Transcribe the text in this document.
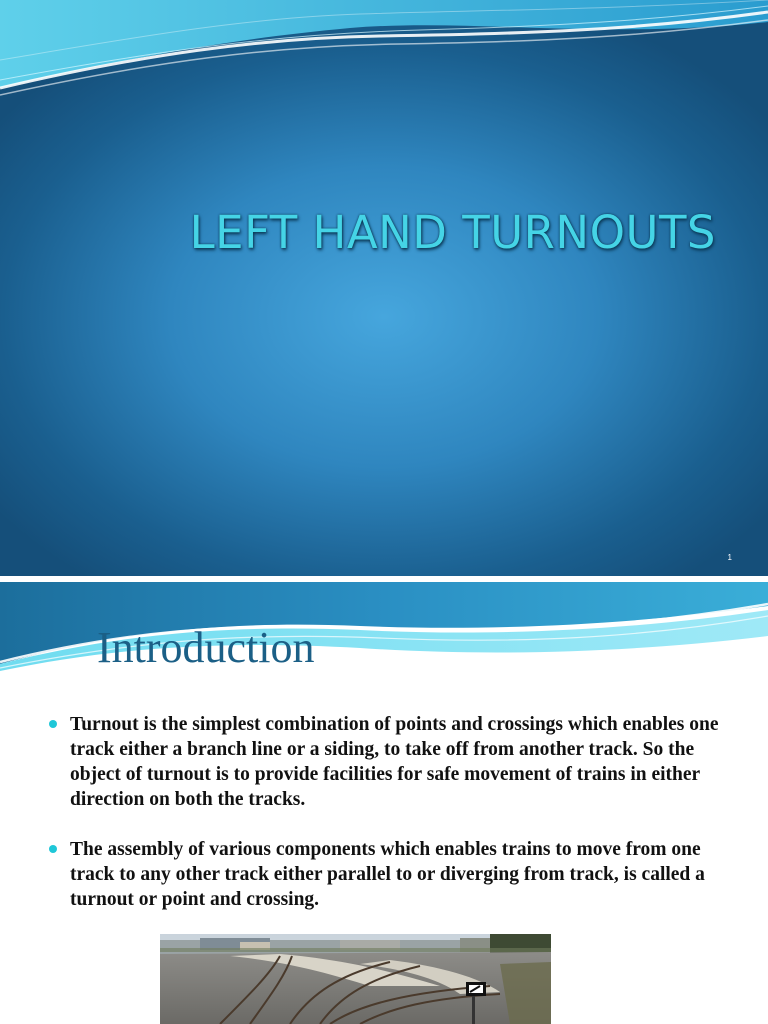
LEFT HAND TURNOUTS
1
Introduction
Turnout is the simplest combination of points and crossings which enables one track either a branch line or a siding, to take off from another track. So the object of turnout is to provide facilities for safe movement of trains in either direction on both the tracks.
The assembly of various components which enables trains to move from one track to any other track either parallel to or diverging from track, is called a turnout or point and crossing.
